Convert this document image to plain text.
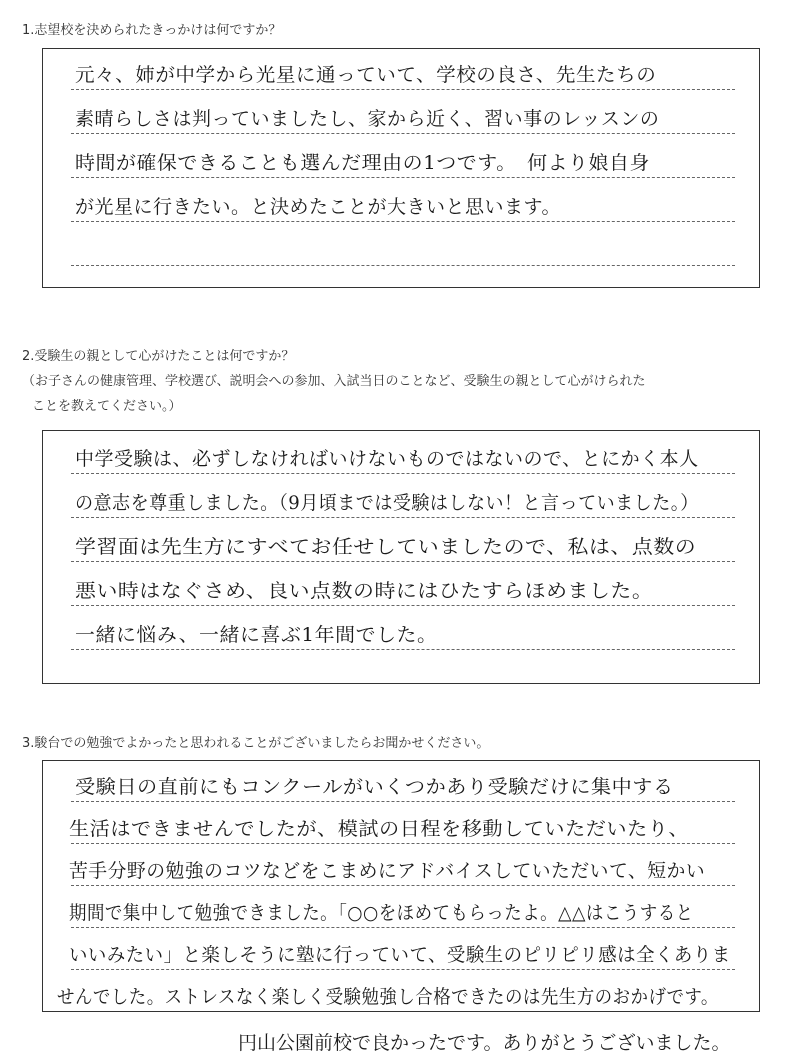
1.志望校を決められたきっかけは何ですか？

元々、姉が中学から光星に通っていて、学校の良さ、先生たちの

素晴らしさは判っていましたし、家から近く、習い事のレッスンの

時間が確保できることも選んだ理由の1つです。　何より娘自身

が光星に行きたい。と決めたことが大きいと思います。

2.受験生の親として心がけたことは何ですか？

（お子さんの健康管理、学校選び、説明会への参加、入試当日のことなど、受験生の親として心がけられた

ことを教えてください。）

中学受験は、必ずしなければいけないものではないので、とにかく本人

の意志を尊重しました。（9月頃までは受験はしない！と言っていました。）

学習面は先生方にすべてお任せしていましたので、私は、点数の

悪い時はなぐさめ、良い点数の時にはひたすらほめました。

一緒に悩み、一緒に喜ぶ1年間でした。

3.駿台での勉強でよかったと思われることがございましたらお聞かせください。

受験日の直前にもコンクールがいくつかあり受験だけに集中する

生活はできませんでしたが、模試の日程を移動していただいたり、

苦手分野の勉強のコツなどをこまめにアドバイスしていただいて、短かい

期間で集中して勉強できました。「○○をほめてもらったよ。△△はこうすると

いいみたい」と楽しそうに塾に行っていて、受験生のピリピリ感は全くありま

せんでした。ストレスなく楽しく受験勉強し合格できたのは先生方のおかげです。

円山公園前校で良かったです。ありがとうございました。
